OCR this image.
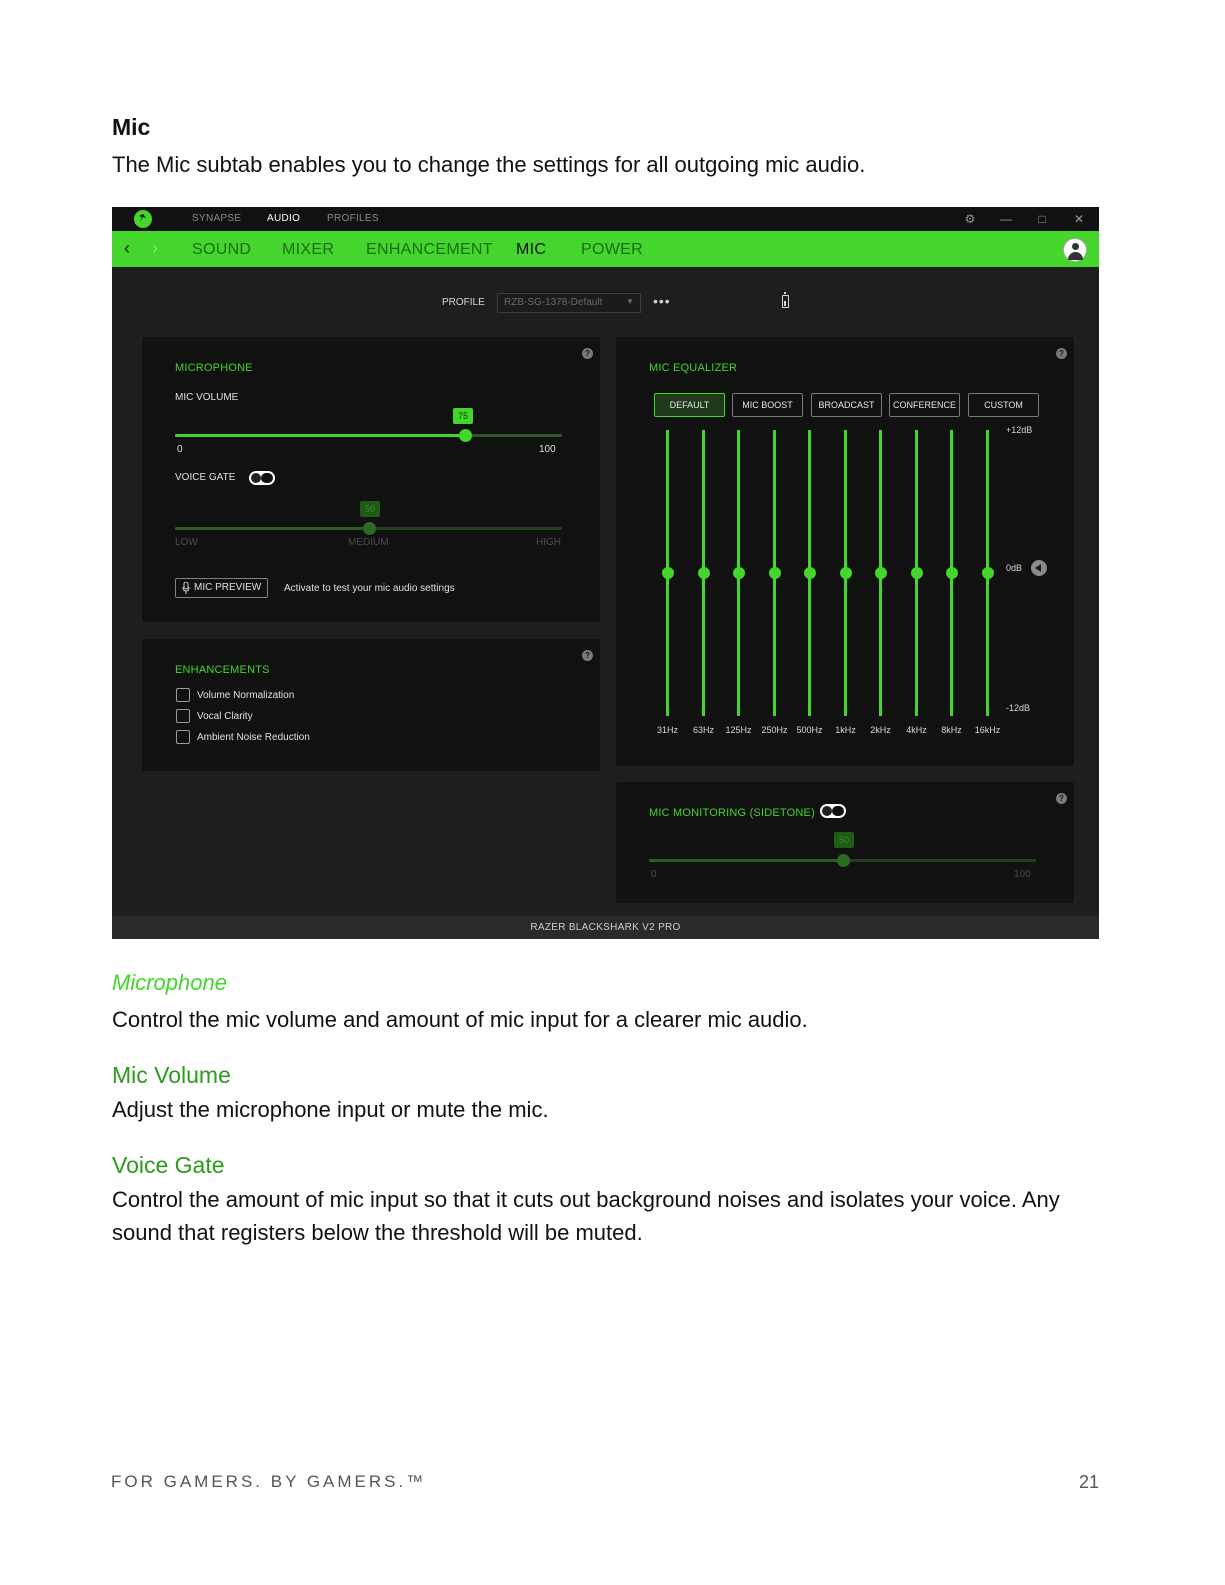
Mic
The Mic subtab enables you to change the settings for all outgoing mic audio.
SYNAPSE	AUDIO	PROFILES	⚙ —	□	✕
‹ › SOUND MIXER ENHANCEMENT MIC POWER
PROFILE	RZB-SG-1378-Default	▼ •••
?
MICROPHONE
MIC VOLUME
75
0	100
VOICE GATE
50
LOW	MEDIUM	HIGH
MIC PREVIEW	Activate to test your mic audio settings
?
ENHANCEMENTS
Volume Normalization
Vocal Clarity
Ambient Noise Reduction
?
MIC EQUALIZER
DEFAULT	MIC BOOST	BROADCAST	CONFERENCE	CUSTOM
+12dB
0dB
-12dB
31Hz	63Hz	125Hz	250Hz 500Hz	1kHz	2kHz	4kHz	8kHz	16kHz
?
MIC MONITORING (SIDETONE)
50
0	100
RAZER BLACKSHARK V2 PRO
Microphone
Control the mic volume and amount of mic input for a clearer mic audio.
Mic Volume
Adjust the microphone input or mute the mic.
Voice Gate
Control the amount of mic input so that it cuts out background noises and isolates your voice. Any sound that registers below the threshold will be muted.
FOR GAMERS. BY GAMERS.™	21
